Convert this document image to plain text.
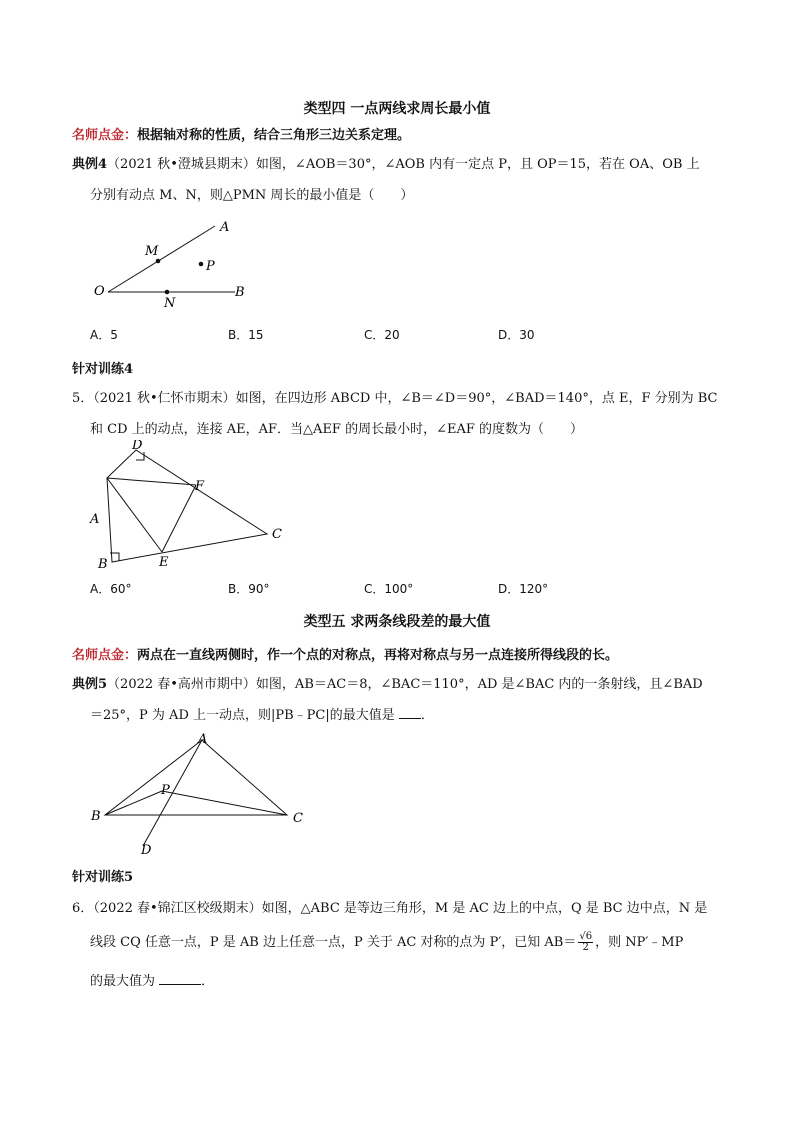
类型四 一点两线求周长最小值
名师点金：根据轴对称的性质，结合三角形三边关系定理。
典例4（2021 秋•澄城县期末）如图，∠AOB＝30°，∠AOB 内有一定点 P，且 OP＝15，若在 OA、OB 上
分别有动点 M、N，则△PMN 周长的最小值是（　　）
A
M
P
O
N
B
A．5	B．15	C．20	D．30
针对训练4
5．（2021 秋•仁怀市期末）如图，在四边形 ABCD 中，∠B＝∠D＝90°，∠BAD＝140°，点 E，F 分别为 BC
和 CD 上的动点，连接 AE，AF．当△AEF 的周长最小时，∠EAF 的度数为（　　）
D
F
A
C
B	E
A．60°	B．90°	C．100°	D．120°
类型五 求两条线段差的最大值
名师点金：两点在一直线两侧时，作一个点的对称点，再将对称点与另一点连接所得线段的长。
典例5（2022 春•高州市期中）如图，AB＝AC＝8，∠BAC＝110°，AD 是∠BAC 内的一条射线，且∠BAD
＝25°，P 为 AD 上一动点，则|PB﹣PC|的最大值是 ．
A
P
B	C
D
针对训练5
6．（2022 春•锦江区校级期末）如图，△ABC 是等边三角形，M 是 AC 边上的中点，Q 是 BC 边中点，N 是
线段 CQ 任意一点，P 是 AB 边上任意一点，P 关于 AC 对称的点为 P′，已知 $AB= \frac{√6}{2}$ ，则 NP′﹣MP
的最大值为	．
